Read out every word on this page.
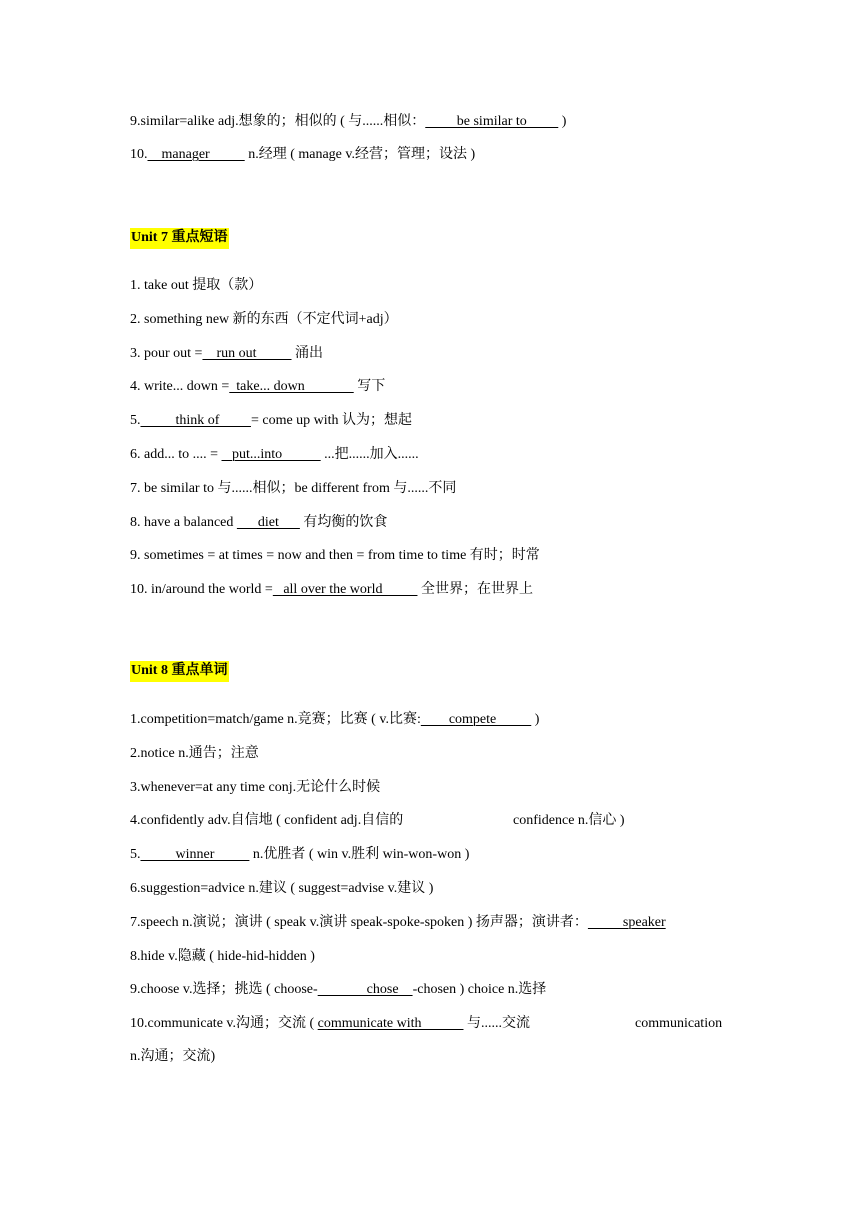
9.similar=alike adj.想象的；相似的 ( 与......相似：         be similar to          )
10.    manager           n.经理 ( manage v.经营；管理；设法 )
Unit 7 重点短语
1. take out 提取（款）
2. something new 新的东西（不定代词+adj）
3. pour out =    run out           涌出
4. write... down =  take... down               写下
5.          think of         = come up with 认为；想起
6. add... to .... =    put...into            ...把......加入......
7. be similar to 与......相似；be different from 与......不同
8. have a balanced       diet       有均衡的饮食
9. sometimes = at times = now and then = from time to time 有时；时常
10. in/around the world =   all over the world           全世界；在世界上
Unit 8 重点单词
1.competition=match/game n.竞赛；比赛 ( v.比赛:        compete           )
2.notice n.通告；注意
3.whenever=at any time conj.无论什么时候
4.confidently adv.自信地 ( confident adj.自信的
5.          winner           n.优胜者 ( win v.胜利 win-won-won )
6.suggestion=advice n.建议 ( suggest=advise v.建议 )
7.speech n.演说；演讲 ( speak v.演讲 speak-spoke-spoken ) 扬声器；演讲者：          speaker
8.hide v.隐藏 ( hide-hid-hidden )
9.choose v.选择；挑选 ( choose-              chose    -chosen ) choice n.选择
10.communicate v.沟通；交流 ( communicate with             与......交流
confidence n.信心 )
communication
n.沟通；交流)
